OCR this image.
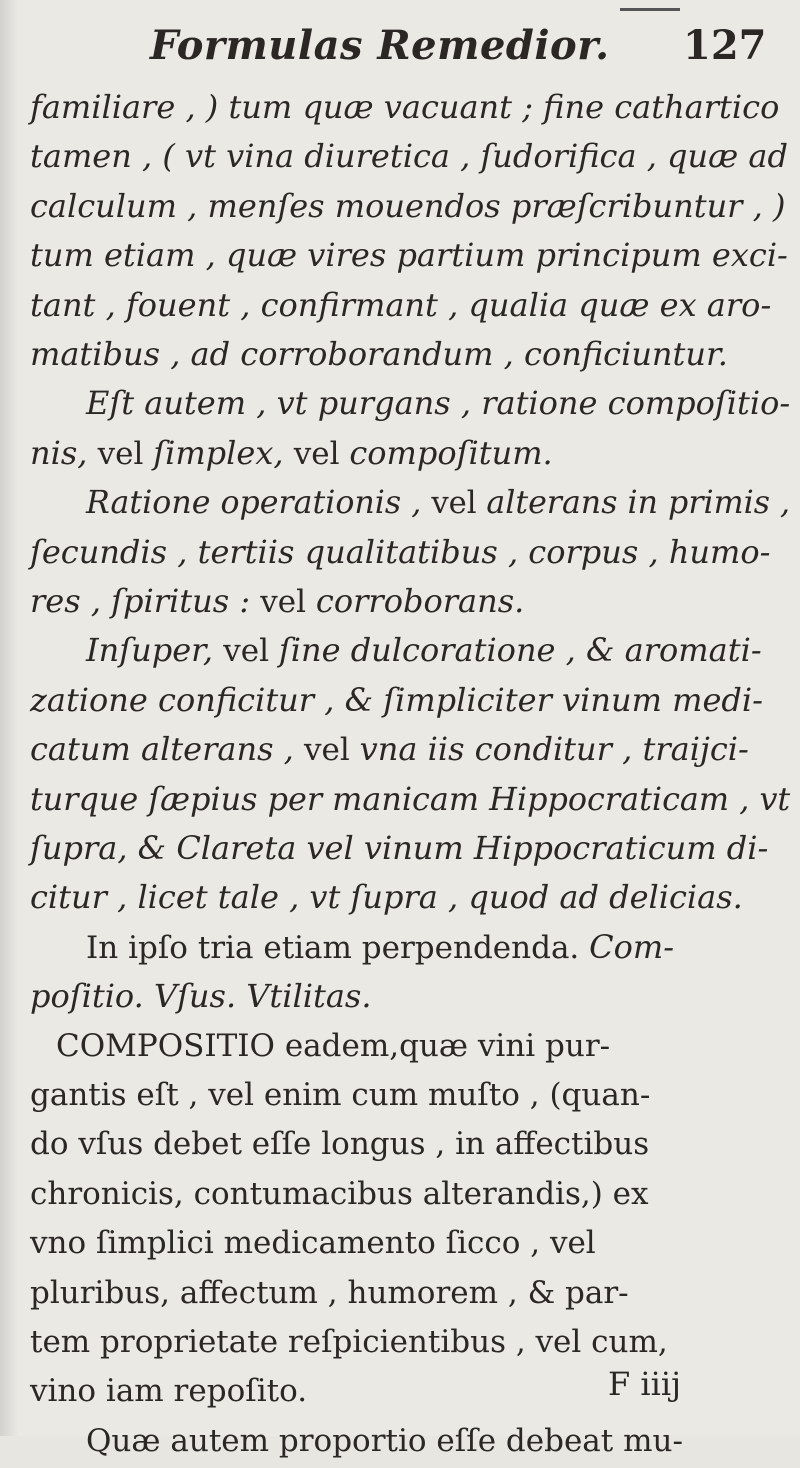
Formulas Remedior. 127
familiare , ) tum quæ vacuant ; fine cathartico
tamen , ( vt vina diuretica , ſudorifica , quæ ad
calculum , menſes mouendos præſcribuntur , )
tum etiam , quæ vires partium principum exci-
tant , fouent , confirmant , qualia quæ ex aro-
matibus , ad corroborandum , conficiuntur.
Eſt autem , vt purgans , ratione compoſitio-
nis, vel ſimplex, vel compoſitum.
Ratione operationis , vel alterans in primis ,
ſecundis , tertiis qualitatibus , corpus , humo-
res , ſpiritus : vel corroborans.
Inſuper, vel ſine dulcoratione , & aromati-
zatione conficitur , & ſimpliciter vinum medi-
catum alterans , vel vna iis conditur , traijci-
turque ſæpius per manicam Hippocraticam , vt
ſupra, & Clareta vel vinum Hippocraticum di-
citur , licet tale , vt ſupra , quod ad delicias.
In ipſo tria etiam perpendenda. Com-
poſitio. Vſus. Vtilitas.
COMPOSITIO eadem,quæ vini pur-
gantis eſt , vel enim cum muſto , (quan-
do vſus debet eſſe longus , in affectibus
chronicis, contumacibus alterandis,) ex
vno ſimplici medicamento ſicco , vel
pluribus, affectum , humorem , & par-
tem proprietate reſpicientibus , vel cum,
vino iam repoſito.
Quæ autem proportio eſſe debeat mu-
F iiij
